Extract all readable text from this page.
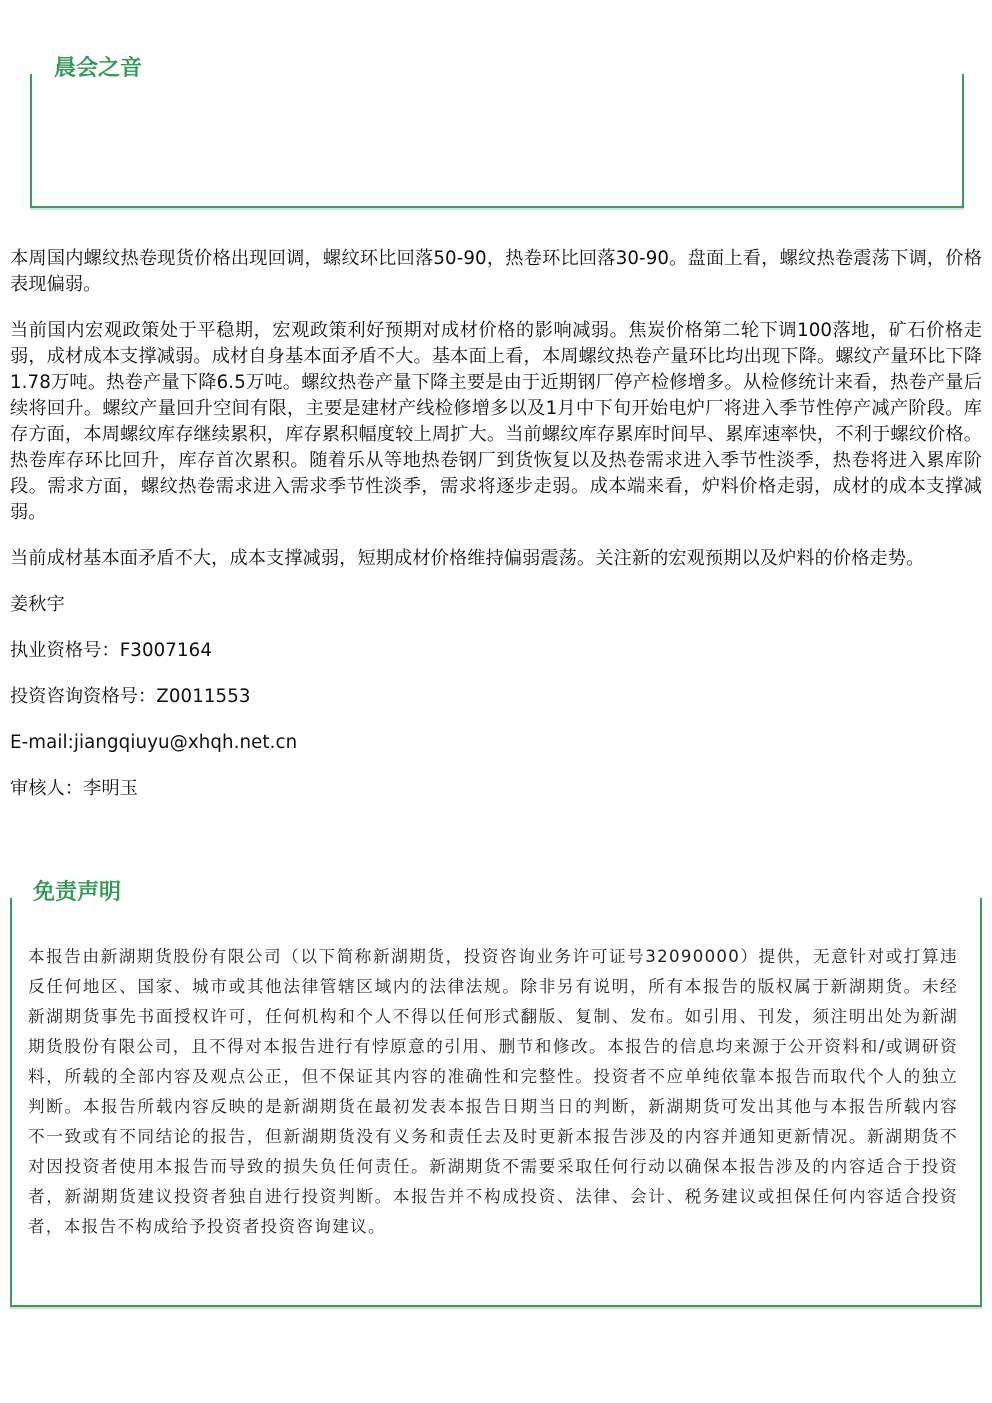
晨会之音

本周国内螺纹热卷现货价格出现回调，螺纹环比回落50-90，热卷环比回落30-90。盘面上看，螺纹热卷震荡下调，价格表现偏弱。

当前国内宏观政策处于平稳期，宏观政策利好预期对成材价格的影响减弱。焦炭价格第二轮下调100落地，矿石价格走弱，成材成本支撑减弱。成材自身基本面矛盾不大。基本面上看，本周螺纹热卷产量环比均出现下降。螺纹产量环比下降1.78万吨。热卷产量下降6.5万吨。螺纹热卷产量下降主要是由于近期钢厂停产检修增多。从检修统计来看，热卷产量后续将回升。螺纹产量回升空间有限，主要是建材产线检修增多以及1月中下旬开始电炉厂将进入季节性停产减产阶段。库存方面，本周螺纹库存继续累积，库存累积幅度较上周扩大。当前螺纹库存累库时间早、累库速率快，不利于螺纹价格。热卷库存环比回升，库存首次累积。随着乐从等地热卷钢厂到货恢复以及热卷需求进入季节性淡季，热卷将进入累库阶段。需求方面，螺纹热卷需求进入需求季节性淡季，需求将逐步走弱。成本端来看，炉料价格走弱，成材的成本支撑减弱。

当前成材基本面矛盾不大，成本支撑减弱，短期成材价格维持偏弱震荡。关注新的宏观预期以及炉料的价格走势。

姜秋宇

执业资格号：F3007164

投资咨询资格号：Z0011553

E-mail:jiangqiuyu@xhqh.net.cn

审核人：李明玉

免责声明

本报告由新湖期货股份有限公司（以下简称新湖期货，投资咨询业务许可证号32090000）提供，无意针对或打算违反任何地区、国家、城市或其他法律管辖区域内的法律法规。除非另有说明，所有本报告的版权属于新湖期货。未经新湖期货事先书面授权许可，任何机构和个人不得以任何形式翻版、复制、发布。如引用、刊发，须注明出处为新湖期货股份有限公司，且不得对本报告进行有悖原意的引用、删节和修改。本报告的信息均来源于公开资料和/或调研资料，所载的全部内容及观点公正，但不保证其内容的准确性和完整性。投资者不应单纯依靠本报告而取代个人的独立判断。本报告所载内容反映的是新湖期货在最初发表本报告日期当日的判断，新湖期货可发出其他与本报告所载内容不一致或有不同结论的报告，但新湖期货没有义务和责任去及时更新本报告涉及的内容并通知更新情况。新湖期货不对因投资者使用本报告而导致的损失负任何责任。新湖期货不需要采取任何行动以确保本报告涉及的内容适合于投资者，新湖期货建议投资者独自进行投资判断。本报告并不构成投资、法律、会计、税务建议或担保任何内容适合投资者，本报告不构成给予投资者投资咨询建议。
